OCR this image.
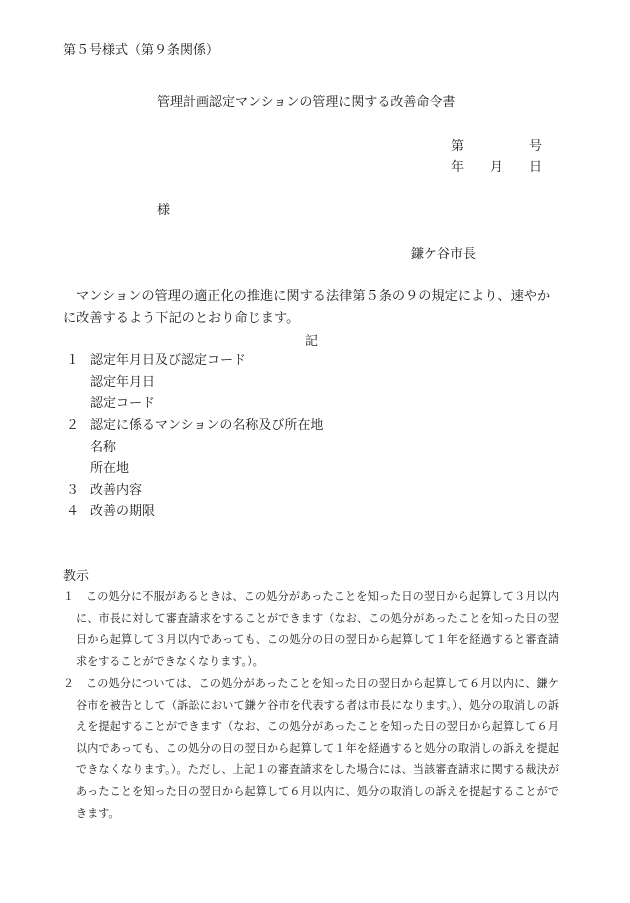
第５号様式（第９条関係）
管理計画認定マンションの管理に関する改善命令書
第	号
年 月 日
様
鎌ケ谷市長
マンションの管理の適正化の推進に関する法律第５条の９の規定により、速やかに改善するよう下記のとおり命じます。
記
１ 認定年月日及び認定コード
認定年月日
認定コード
２ 認定に係るマンションの名称及び所在地
名称
所在地
３ 改善内容
４ 改善の期限
教示
１	この処分に不服があるときは、この処分があったことを知った日の翌日から起算して３月以内に、市長に対して審査請求をすることができます（なお、この処分があったことを知った日の翌日から起算して３月以内であっても、この処分の日の翌日から起算して１年を経過すると審査請求をすることができなくなります。）。
２	この処分については、この処分があったことを知った日の翌日から起算して６月以内に、鎌ケ谷市を被告として（訴訟において鎌ケ谷市を代表する者は市長になります。）、処分の取消しの訴えを提起することができます（なお、この処分があったことを知った日の翌日から起算して６月以内であっても、この処分の日の翌日から起算して１年を経過すると処分の取消しの訴えを提起できなくなります。）。ただし、上記１の審査請求をした場合には、当該審査請求に関する裁決があったことを知った日の翌日から起算して６月以内に、処分の取消しの訴えを提起することができます。
